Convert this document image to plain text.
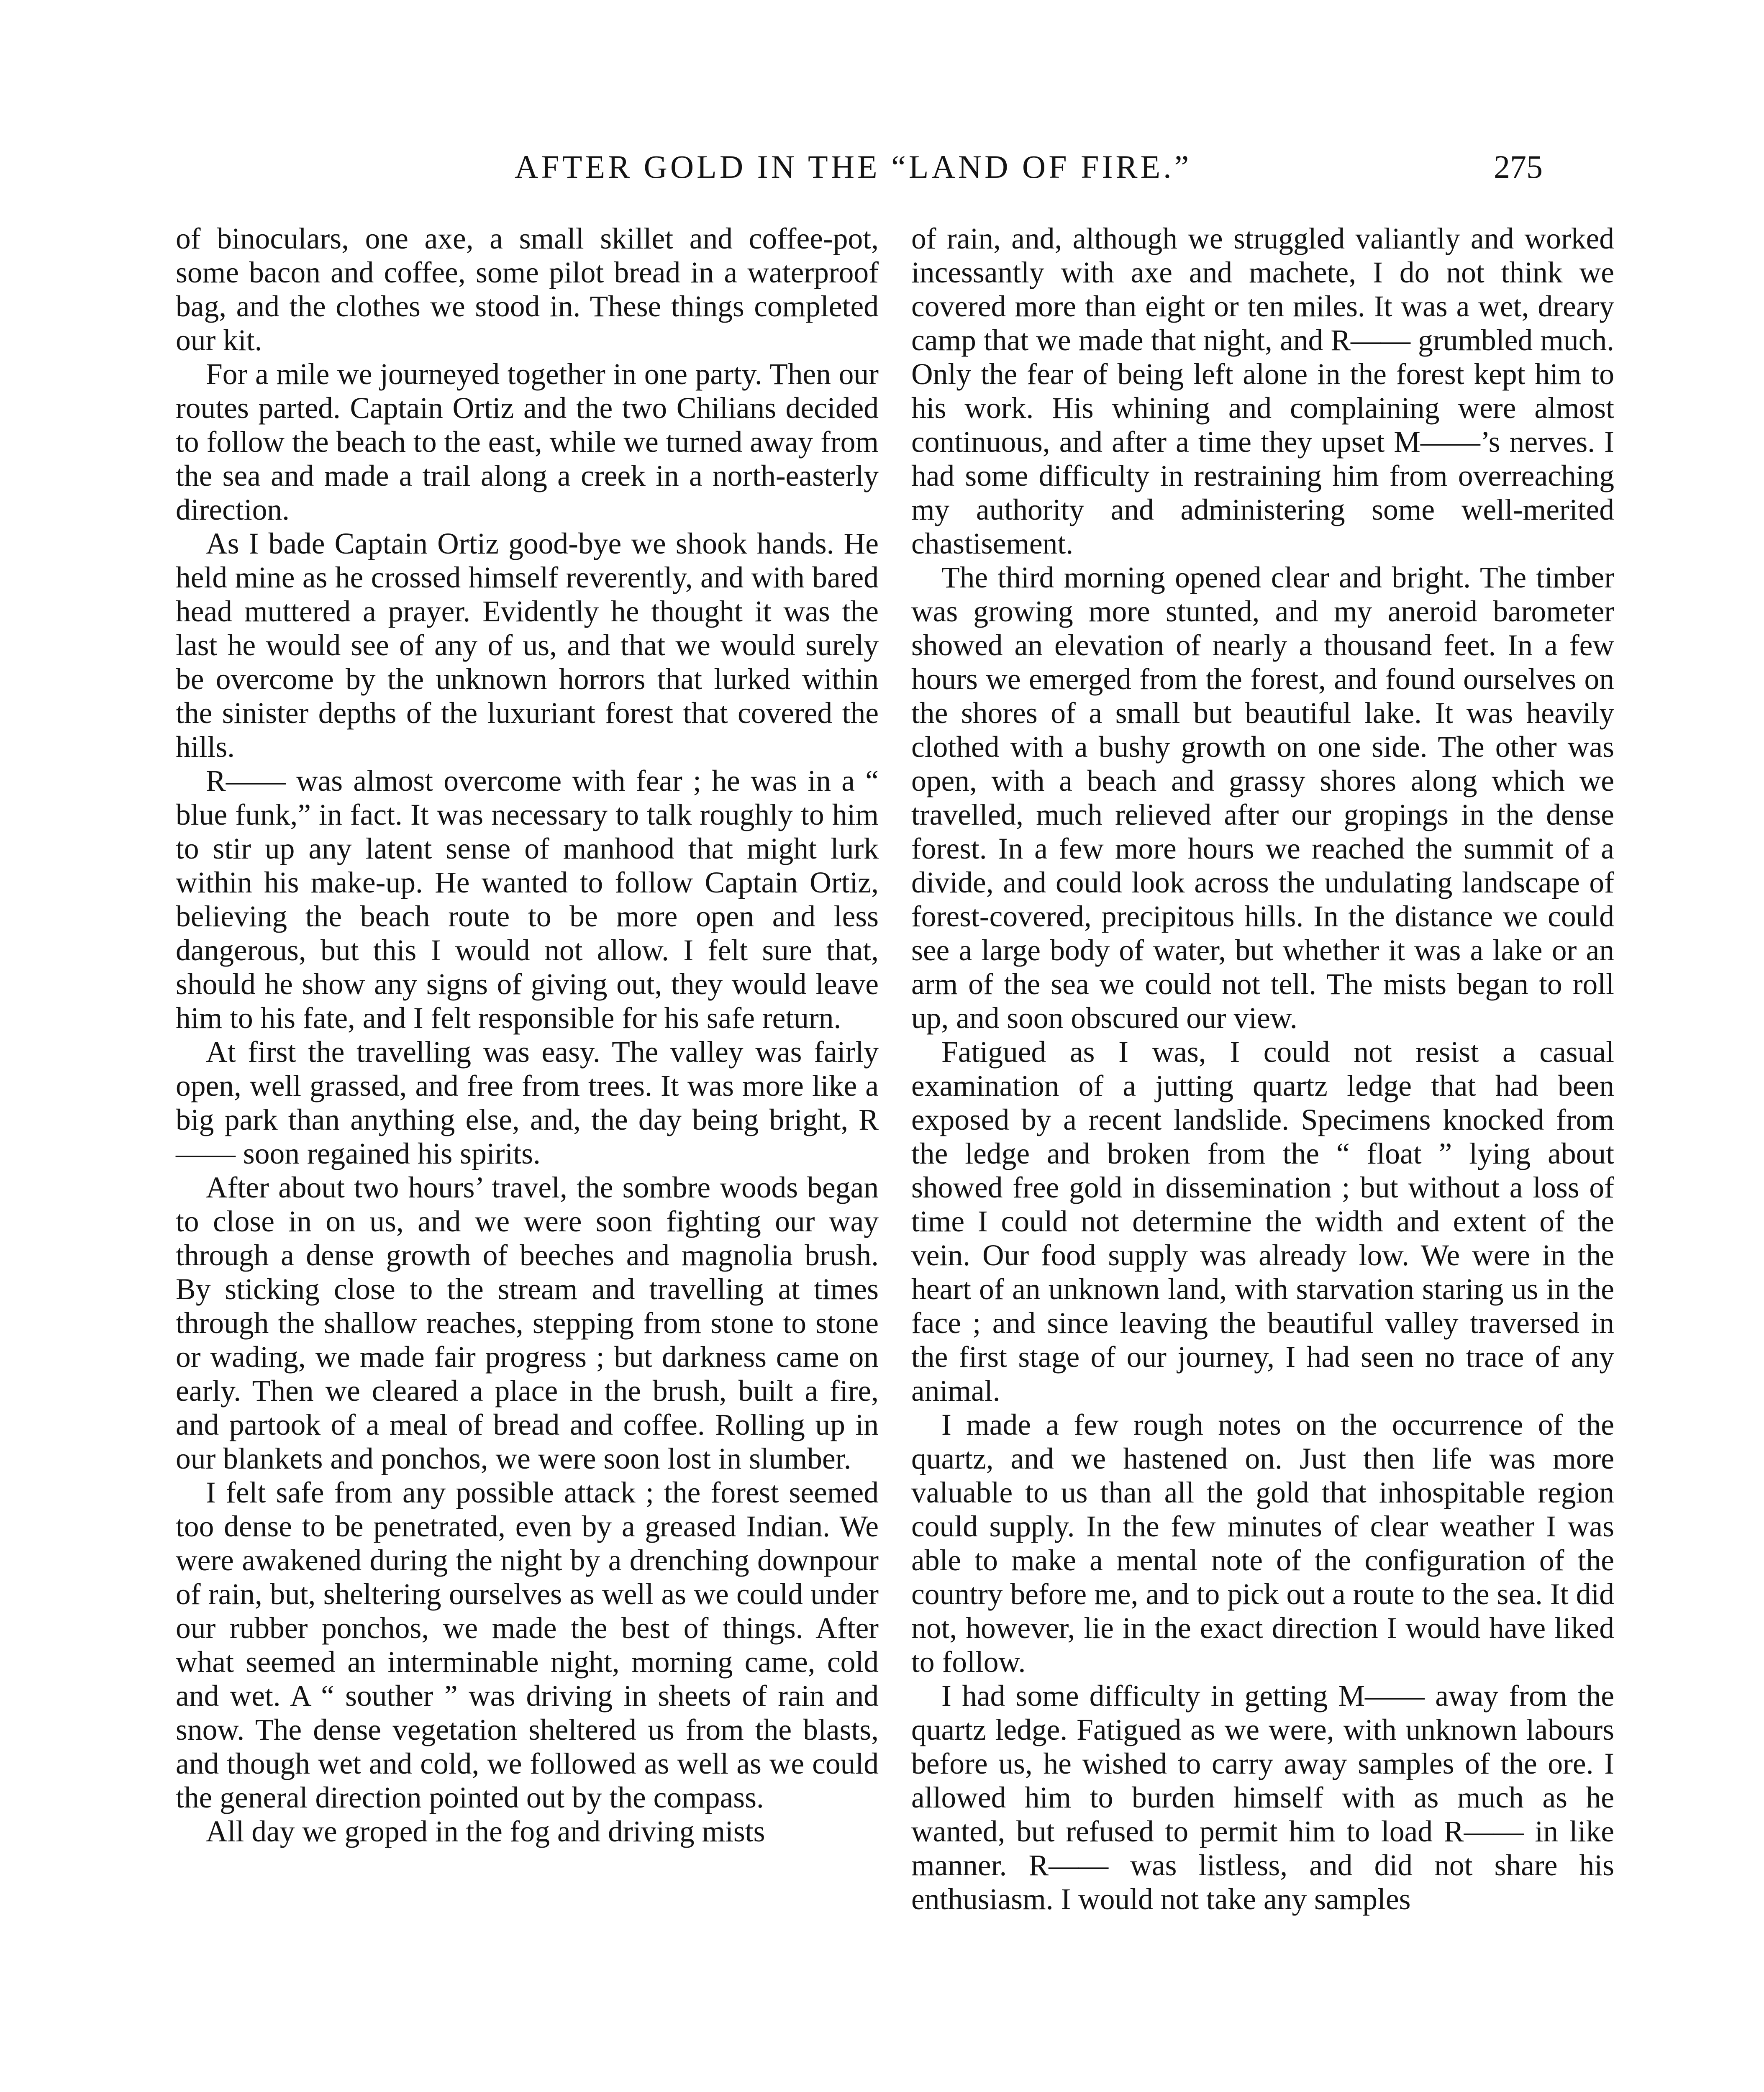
AFTER GOLD IN THE “LAND OF FIRE.”	275

of binoculars, one axe, a small skillet and coffee-pot, some bacon and coffee, some pilot bread in a waterproof bag, and the clothes we stood in. These things completed our kit.

For a mile we journeyed together in one party. Then our routes parted. Captain Ortiz and the two Chilians decided to follow the beach to the east, while we turned away from the sea and made a trail along a creek in a north-easterly direction.

As I bade Captain Ortiz good-bye we shook hands. He held mine as he crossed himself reverently, and with bared head muttered a prayer. Evidently he thought it was the last he would see of any of us, and that we would surely be overcome by the unknown horrors that lurked within the sinister depths of the luxuriant forest that covered the hills.

R—— was almost overcome with fear ; he was in a “ blue funk,” in fact. It was necessary to talk roughly to him to stir up any latent sense of manhood that might lurk within his make-up. He wanted to follow Captain Ortiz, believing the beach route to be more open and less dangerous, but this I would not allow. I felt sure that, should he show any signs of giving out, they would leave him to his fate, and I felt responsible for his safe return.

At first the travelling was easy. The valley was fairly open, well grassed, and free from trees. It was more like a big park than anything else, and, the day being bright, R—— soon regained his spirits.

After about two hours’ travel, the sombre woods began to close in on us, and we were soon fighting our way through a dense growth of beeches and magnolia brush. By sticking close to the stream and travelling at times through the shallow reaches, stepping from stone to stone or wading, we made fair progress ; but darkness came on early. Then we cleared a place in the brush, built a fire, and partook of a meal of bread and coffee. Rolling up in our blankets and ponchos, we were soon lost in slumber.

I felt safe from any possible attack ; the forest seemed too dense to be penetrated, even by a greased Indian. We were awakened during the night by a drenching downpour of rain, but, sheltering ourselves as well as we could under our rubber ponchos, we made the best of things. After what seemed an interminable night, morning came, cold and wet. A “ souther ” was driving in sheets of rain and snow. The dense vegetation sheltered us from the blasts, and though wet and cold, we followed as well as we could the general direction pointed out by the compass.

All day we groped in the fog and driving mists

of rain, and, although we struggled valiantly and worked incessantly with axe and machete, I do not think we covered more than eight or ten miles. It was a wet, dreary camp that we made that night, and R—— grumbled much. Only the fear of being left alone in the forest kept him to his work. His whining and complaining were almost continuous, and after a time they upset M——’s nerves. I had some difficulty in restraining him from overreaching my authority and administering some well-merited chastisement.

The third morning opened clear and bright. The timber was growing more stunted, and my aneroid barometer showed an elevation of nearly a thousand feet. In a few hours we emerged from the forest, and found ourselves on the shores of a small but beautiful lake. It was heavily clothed with a bushy growth on one side. The other was open, with a beach and grassy shores along which we travelled, much relieved after our gropings in the dense forest. In a few more hours we reached the summit of a divide, and could look across the undulating landscape of forest-covered, precipitous hills. In the distance we could see a large body of water, but whether it was a lake or an arm of the sea we could not tell. The mists began to roll up, and soon obscured our view.

Fatigued as I was, I could not resist a casual examination of a jutting quartz ledge that had been exposed by a recent landslide. Specimens knocked from the ledge and broken from the “ float ” lying about showed free gold in dissemination ; but without a loss of time I could not determine the width and extent of the vein. Our food supply was already low. We were in the heart of an unknown land, with starvation staring us in the face ; and since leaving the beautiful valley traversed in the first stage of our journey, I had seen no trace of any animal.

I made a few rough notes on the occurrence of the quartz, and we hastened on. Just then life was more valuable to us than all the gold that inhospitable region could supply. In the few minutes of clear weather I was able to make a mental note of the configuration of the country before me, and to pick out a route to the sea. It did not, however, lie in the exact direction I would have liked to follow.

I had some difficulty in getting M—— away from the quartz ledge. Fatigued as we were, with unknown labours before us, he wished to carry away samples of the ore. I allowed him to burden himself with as much as he wanted, but refused to permit him to load R—— in like manner. R—— was listless, and did not share his enthusiasm. I would not take any samples
